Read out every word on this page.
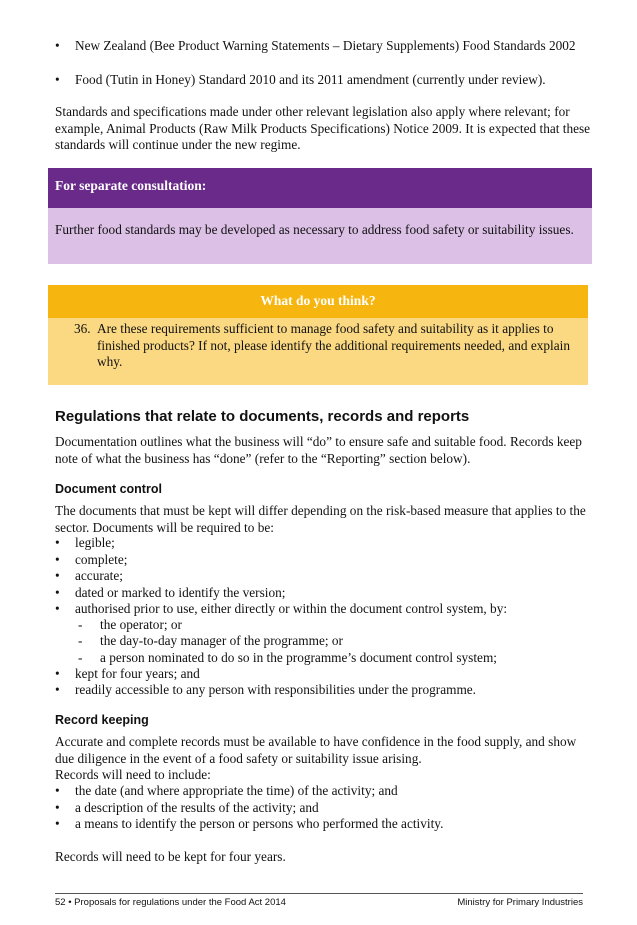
• New Zealand (Bee Product Warning Statements – Dietary Supplements) Food Standards 2002
• Food (Tutin in Honey) Standard 2010 and its 2011 amendment (currently under review).
Standards and specifications made under other relevant legislation also apply where relevant; for example, Animal Products (Raw Milk Products Specifications) Notice 2009. It is expected that these standards will continue under the new regime.
For separate consultation:
Further food standards may be developed as necessary to address food safety or suitability issues.
What do you think?
36. Are these requirements sufficient to manage food safety and suitability as it applies to finished products? If not, please identify the additional requirements needed, and explain why.
Regulations that relate to documents, records and reports
Documentation outlines what the business will “do” to ensure safe and suitable food. Records keep note of what the business has “done” (refer to the “Reporting” section below).
Document control
The documents that must be kept will differ depending on the risk-based measure that applies to the sector. Documents will be required to be:
• legible;
• complete;
• accurate;
• dated or marked to identify the version;
• authorised prior to use, either directly or within the document control system, by:
- the operator; or
- the day-to-day manager of the programme; or
- a person nominated to do so in the programme’s document control system;
• kept for four years; and
• readily accessible to any person with responsibilities under the programme.
Record keeping
Accurate and complete records must be available to have confidence in the food supply, and show due diligence in the event of a food safety or suitability issue arising.
Records will need to include:
• the date (and where appropriate the time) of the activity; and
• a description of the results of the activity; and
• a means to identify the person or persons who performed the activity.
Records will need to be kept for four years.
52 • Proposals for regulations under the Food Act 2014	Ministry for Primary Industries
